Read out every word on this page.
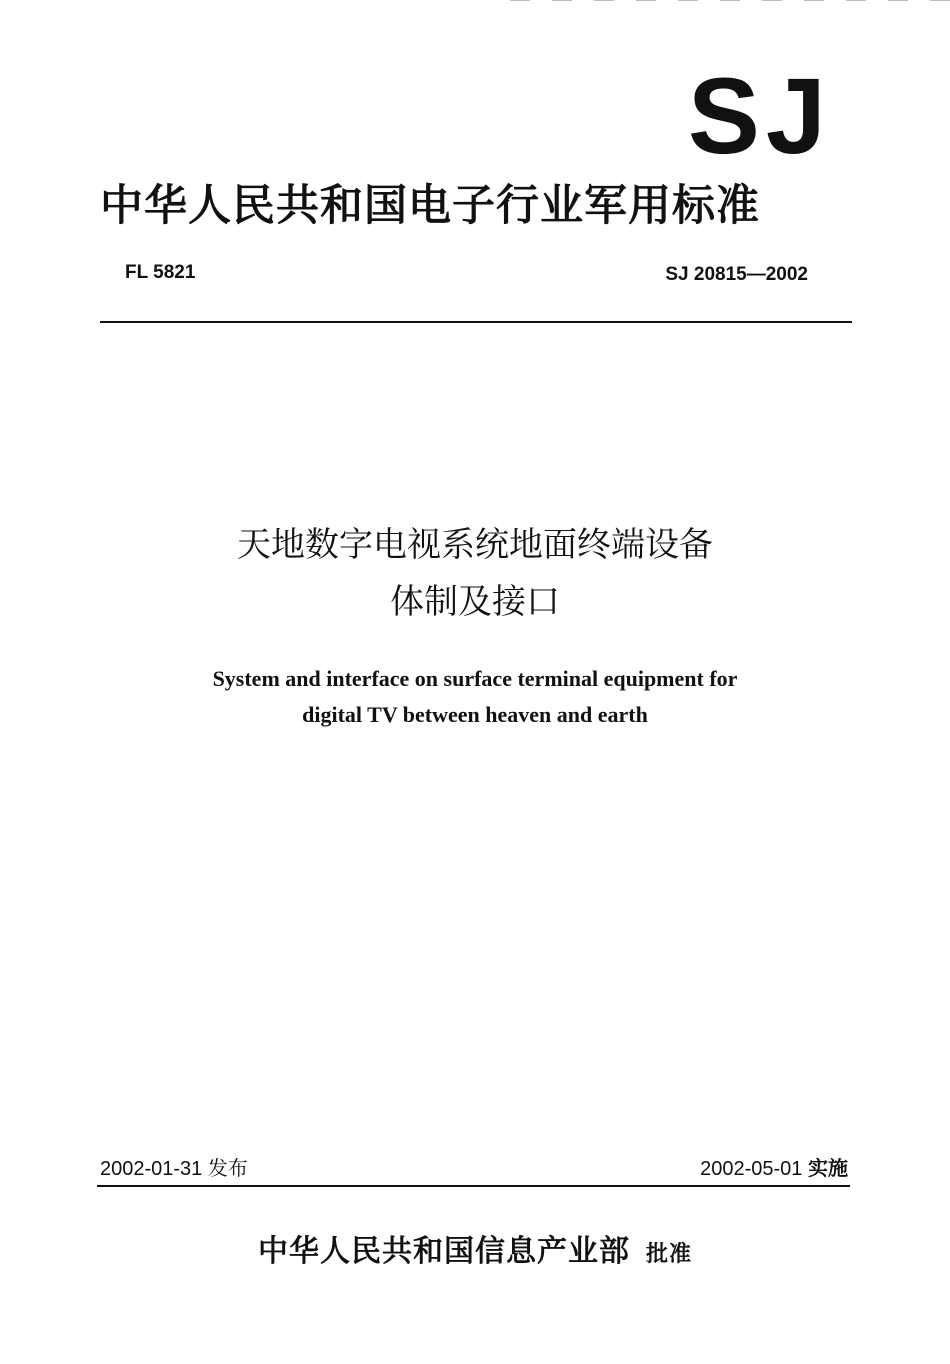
SJ
中华人民共和国电子行业军用标准
FL 5821	SJ 20815—2002
天地数字电视系统地面终端设备
体制及接口
System and interface on surface terminal equipment for
digital TV between heaven and earth
2002-01-31 发布	2002-05-01 实施
中华人民共和国信息产业部 批准
